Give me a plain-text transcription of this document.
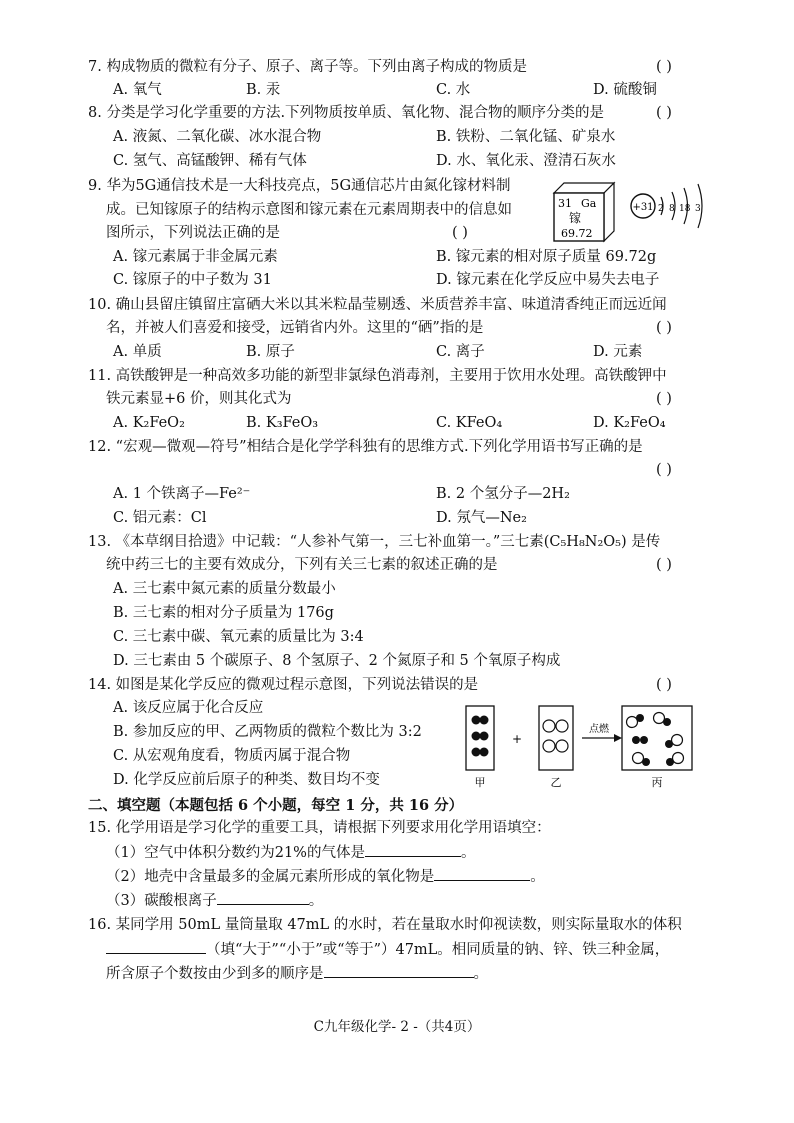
7. 构成物质的微粒有分子、原子、离子等。下列由离子构成的物质是	( )
A. 氧气	B. 汞	C. 水	D. 硫酸铜
8. 分类是学习化学重要的方法.下列物质按单质、氧化物、混合物的顺序分类的是	( )
A. 液氮、二氧化碳、冰水混合物	B. 铁粉、二氧化锰、矿泉水
C. 氢气、高锰酸钾、稀有气体	D. 水、氧化汞、澄清石灰水
9. 华为5G通信技术是一大科技亮点，5G通信芯片由氮化镓材料制
成。已知镓原子的结构示意图和镓元素在元素周期表中的信息如
图所示，下列说法正确的是	( )
31 Ga
镓
69.72
+31 2 8 18 3
A. 镓元素属于非金属元素	B. 镓元素的相对原子质量 69.72g
C. 镓原子的中子数为 31	D. 镓元素在化学反应中易失去电子
10. 确山县留庄镇留庄富硒大米以其米粒晶莹剔透、米质营养丰富、味道清香纯正而远近闻
名，并被人们喜爱和接受，远销省内外。这里的“硒”指的是	( )
A. 单质	B. 原子	C. 离子	D. 元素
11. 高铁酸钾是一种高效多功能的新型非氯绿色消毒剂，主要用于饮用水处理。高铁酸钾中
铁元素显+6 价，则其化式为	( )
A. K₂FeO₂	B. K₃FeO₃	C. KFeO₄	D. K₂FeO₄
12. “宏观—微观—符号”相结合是化学学科独有的思维方式.下列化学用语书写正确的是
( )
A. 1 个铁离子—Fe²⁻	B. 2 个氢分子—2H₂
C. 铝元素：Cl	D. 氖气—Ne₂
13. 《本草纲目拾遗》中记载：“人参补气第一，三七补血第一。”三七素(C₅H₈N₂O₅) 是传
统中药三七的主要有效成分，下列有关三七素的叙述正确的是	( )
A. 三七素中氮元素的质量分数最小
B. 三七素的相对分子质量为 176g
C. 三七素中碳、氧元素的质量比为 3:4
D. 三七素由 5 个碳原子、8 个氢原子、2 个氮原子和 5 个氧原子构成
14. 如图是某化学反应的微观过程示意图，下列说法错误的是	( )
A. 该反应属于化合反应
B. 参加反应的甲、乙两物质的微粒个数比为 3:2
C. 从宏观角度看，物质丙属于混合物
D. 化学反应前后原子的种类、数目均不变	甲
+
乙
点燃
丙
二、填空题（本题包括 6 个小题，每空 1 分，共 16 分）
15. 化学用语是学习化学的重要工具，请根据下列要求用化学用语填空：
（1）空气中体积分数约为21%的气体是	。
（2）地壳中含量最多的金属元素所形成的氧化物是	。
（3）碳酸根离子	。
16. 某同学用 50mL 量筒量取 47mL 的水时，若在量取水时仰视读数，则实际量取水的体积
（填“大于”“小于”或“等于”）47mL。相同质量的钠、锌、铁三种金属，
所含原子个数按由少到多的顺序是	。
C九年级化学- 2 -（共4页）
